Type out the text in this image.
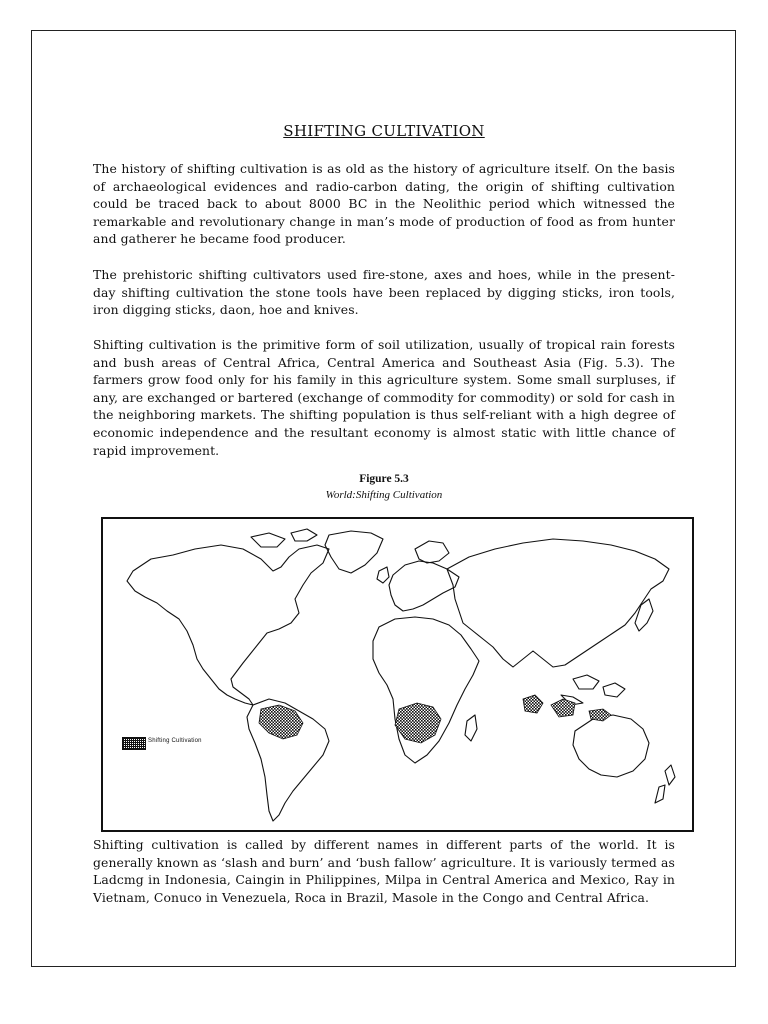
SHIFTING CULTIVATION
The history of shifting cultivation is as old as the history of agriculture itself. On the basis of archaeological evidences and radio-carbon dating, the origin of shifting cultivation could be traced back to about 8000 BC in the Neolithic period which witnessed the remarkable and revolutionary change in man’s mode of production of food as from hunter and gatherer he became food producer.
The prehistoric shifting cultivators used fire-stone, axes and hoes, while in the present- day shifting cultivation the stone tools have been replaced by digging sticks, iron tools, iron digging sticks, daon, hoe and knives.
Shifting cultivation is the primitive form of soil utilization, usually of tropical rain forests and bush areas of Central Africa, Central America and Southeast Asia (Fig. 5.3). The farmers grow food only for his family in this agriculture system. Some small surpluses, if any, are exchanged or bartered (exchange of commodity for commodity) or sold for cash in the neighboring markets. The shifting population is thus self-reliant with a high degree of economic independence and the resultant economy is almost static with little chance of rapid improvement.
Figure 5.3
World:Shifting Cultivation
Shifting cultivation is called by different names in different parts of the world. It is generally known as ‘slash and burn’ and ‘bush fallow’ agriculture. It is variously termed as Ladcmg in Indonesia, Caingin in Philippines, Milpa in Central America and Mexico, Ray in Vietnam, Conuco in Venezuela, Roca in Brazil, Masole in the Congo and Central Africa.
Shifting Cultivation
